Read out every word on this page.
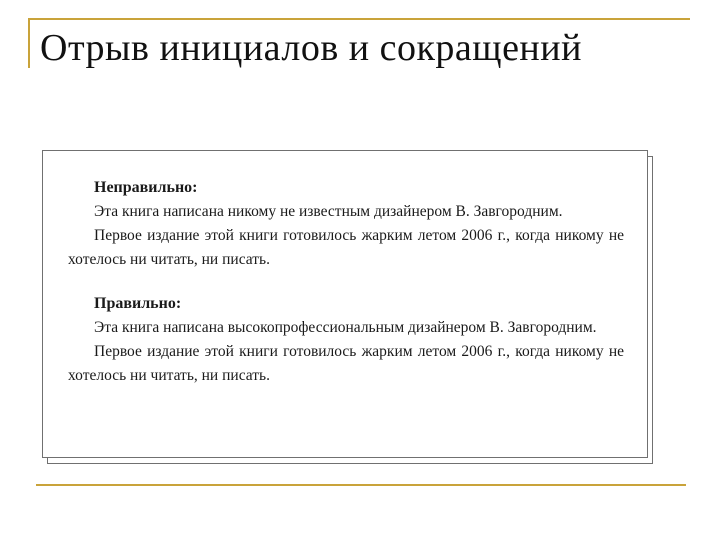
Отрыв инициалов и сокращений

Неправильно:

Эта книга написана никому не известным дизайнером В. Завгородним.

Первое издание этой книги готовилось жарким летом 2006 г., когда никому не хотелось ни читать, ни писать.

Правильно:

Эта книга написана высокопрофессиональным дизайнером В. Завгородним.

Первое издание этой книги готовилось жарким летом 2006 г., когда никому не хотелось ни читать, ни писать.
